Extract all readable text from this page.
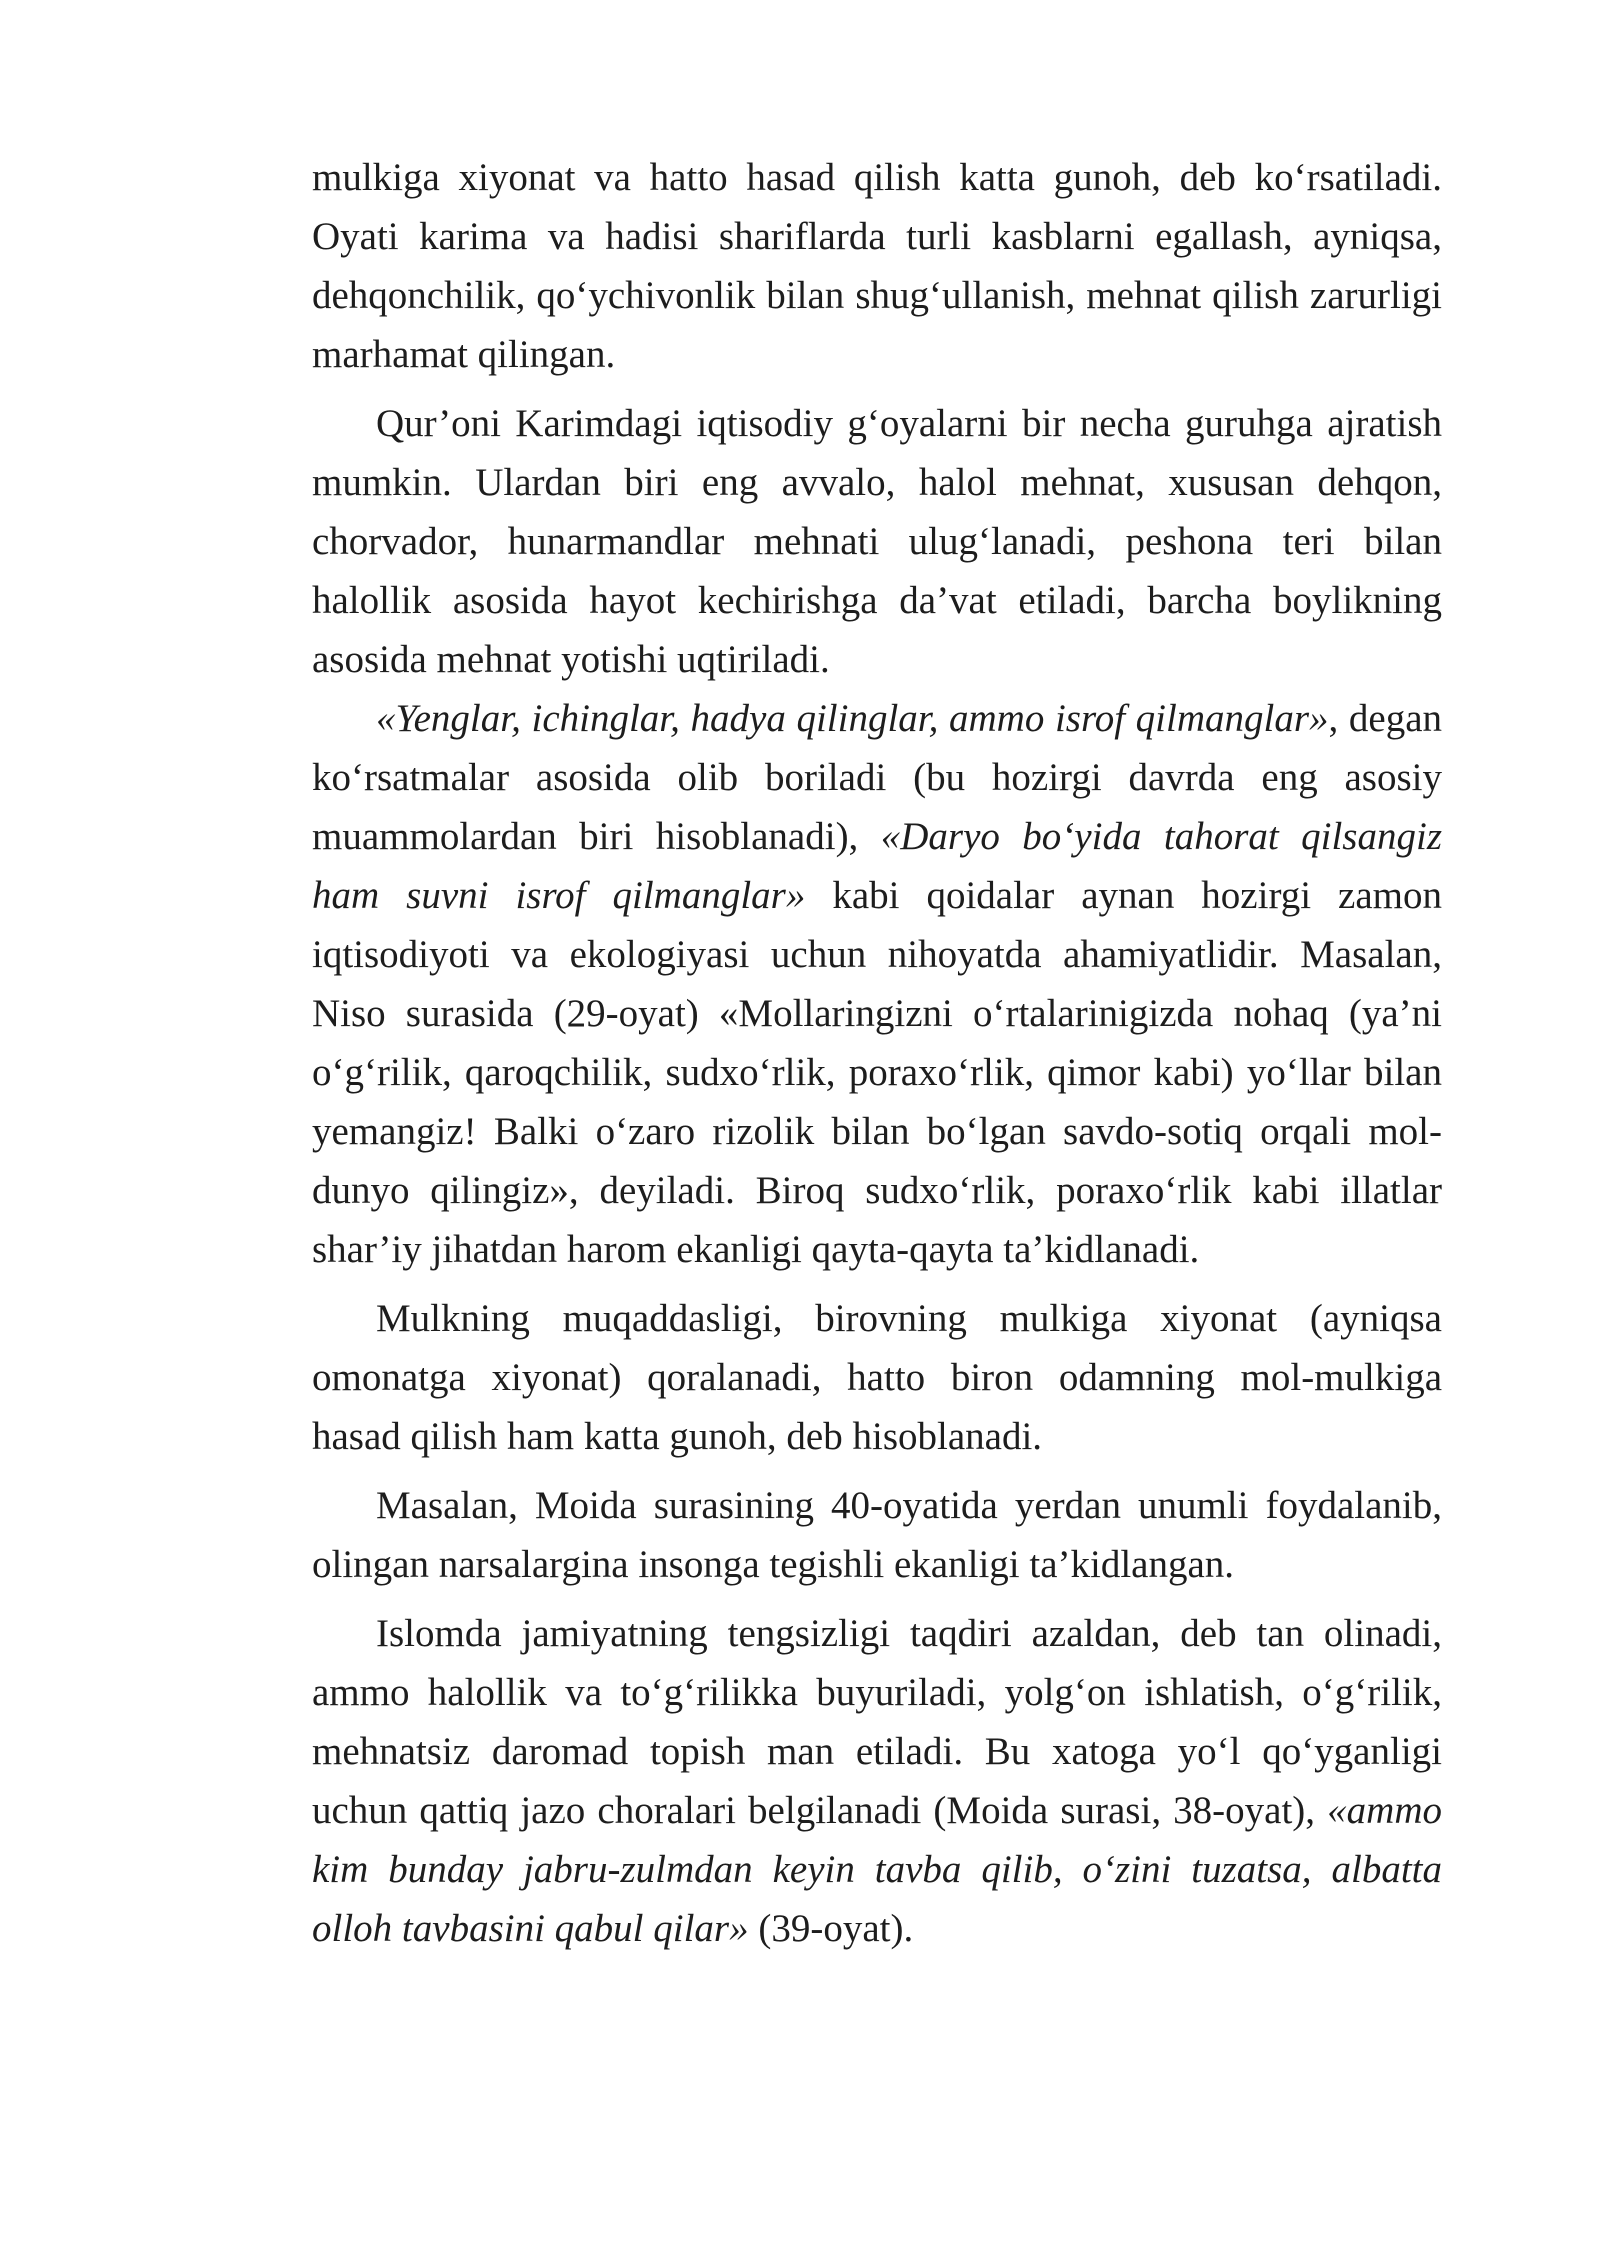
mulkiga xiyonat va hatto hasad qilish katta gunoh, deb koʻrsatiladi. Oyati karima va hadisi shariflarda turli kasblarni egallash, ayniqsa, dehqonchilik, qoʻychivonlik bilan shugʻullanish, mehnat qilish zarurligi marhamat qilingan.

Qur’oni Karimdagi iqtisodiy gʻoyalarni bir necha guruhga ajratish mumkin. Ulardan biri eng avvalo, halol mehnat, xususan dehqon, chorvador, hunarmandlar mehnati ulugʻlanadi, peshona teri bilan halollik asosida hayot kechirishga da’vat etiladi, barcha boylikning asosida mehnat yotishi uqtiriladi.

«Yenglar, ichinglar, hadya qilinglar, ammo isrof qilmanglar», degan koʻrsatmalar asosida olib boriladi (bu hozirgi davrda eng asosiy muammolardan biri hisoblanadi), «Daryo boʻyida tahorat qilsangiz ham suvni isrof qilmanglar» kabi qoidalar aynan hozirgi zamon iqtisodiyoti va ekologiyasi uchun nihoyatda ahamiyatlidir. Masalan, Niso surasida (29-oyat) «Mollaringizni oʻrtalarinigizda nohaq (ya’ni oʻgʻrilik, qaroqchilik, sudxoʻrlik, poraxoʻrlik, qimor kabi) yoʻllar bilan yemangiz! Balki oʻzaro rizolik bilan boʻlgan savdo-sotiq orqali mol-dunyo qilingiz», deyiladi. Biroq sudxoʻrlik, poraxoʻrlik kabi illatlar shar’iy jihatdan harom ekanligi qayta-qayta ta’kidlanadi.

Mulkning muqaddasligi, birovning mulkiga xiyonat (ayniqsa omonatga xiyonat) qoralanadi, hatto biron odamning mol-mulkiga hasad qilish ham katta gunoh, deb hisoblanadi.

Masalan, Moida surasining 40-oyatida yerdan unumli foydalanib, olingan narsalargina insonga tegishli ekanligi ta’kidlangan.

Islomda jamiyatning tengsizligi taqdiri azaldan, deb tan olinadi, ammo halollik va toʻgʻrilikka buyuriladi, yolgʻon ishlatish, oʻgʻrilik, mehnatsiz daromad topish man etiladi. Bu xatoga yoʻl qoʻyganligi uchun qattiq jazo choralari belgilanadi (Moida surasi, 38-oyat), «ammo kim bunday jabru-zulmdan keyin tavba qilib, oʻzini tuzatsa, albatta olloh tavbasini qabul qilar» (39-oyat).
